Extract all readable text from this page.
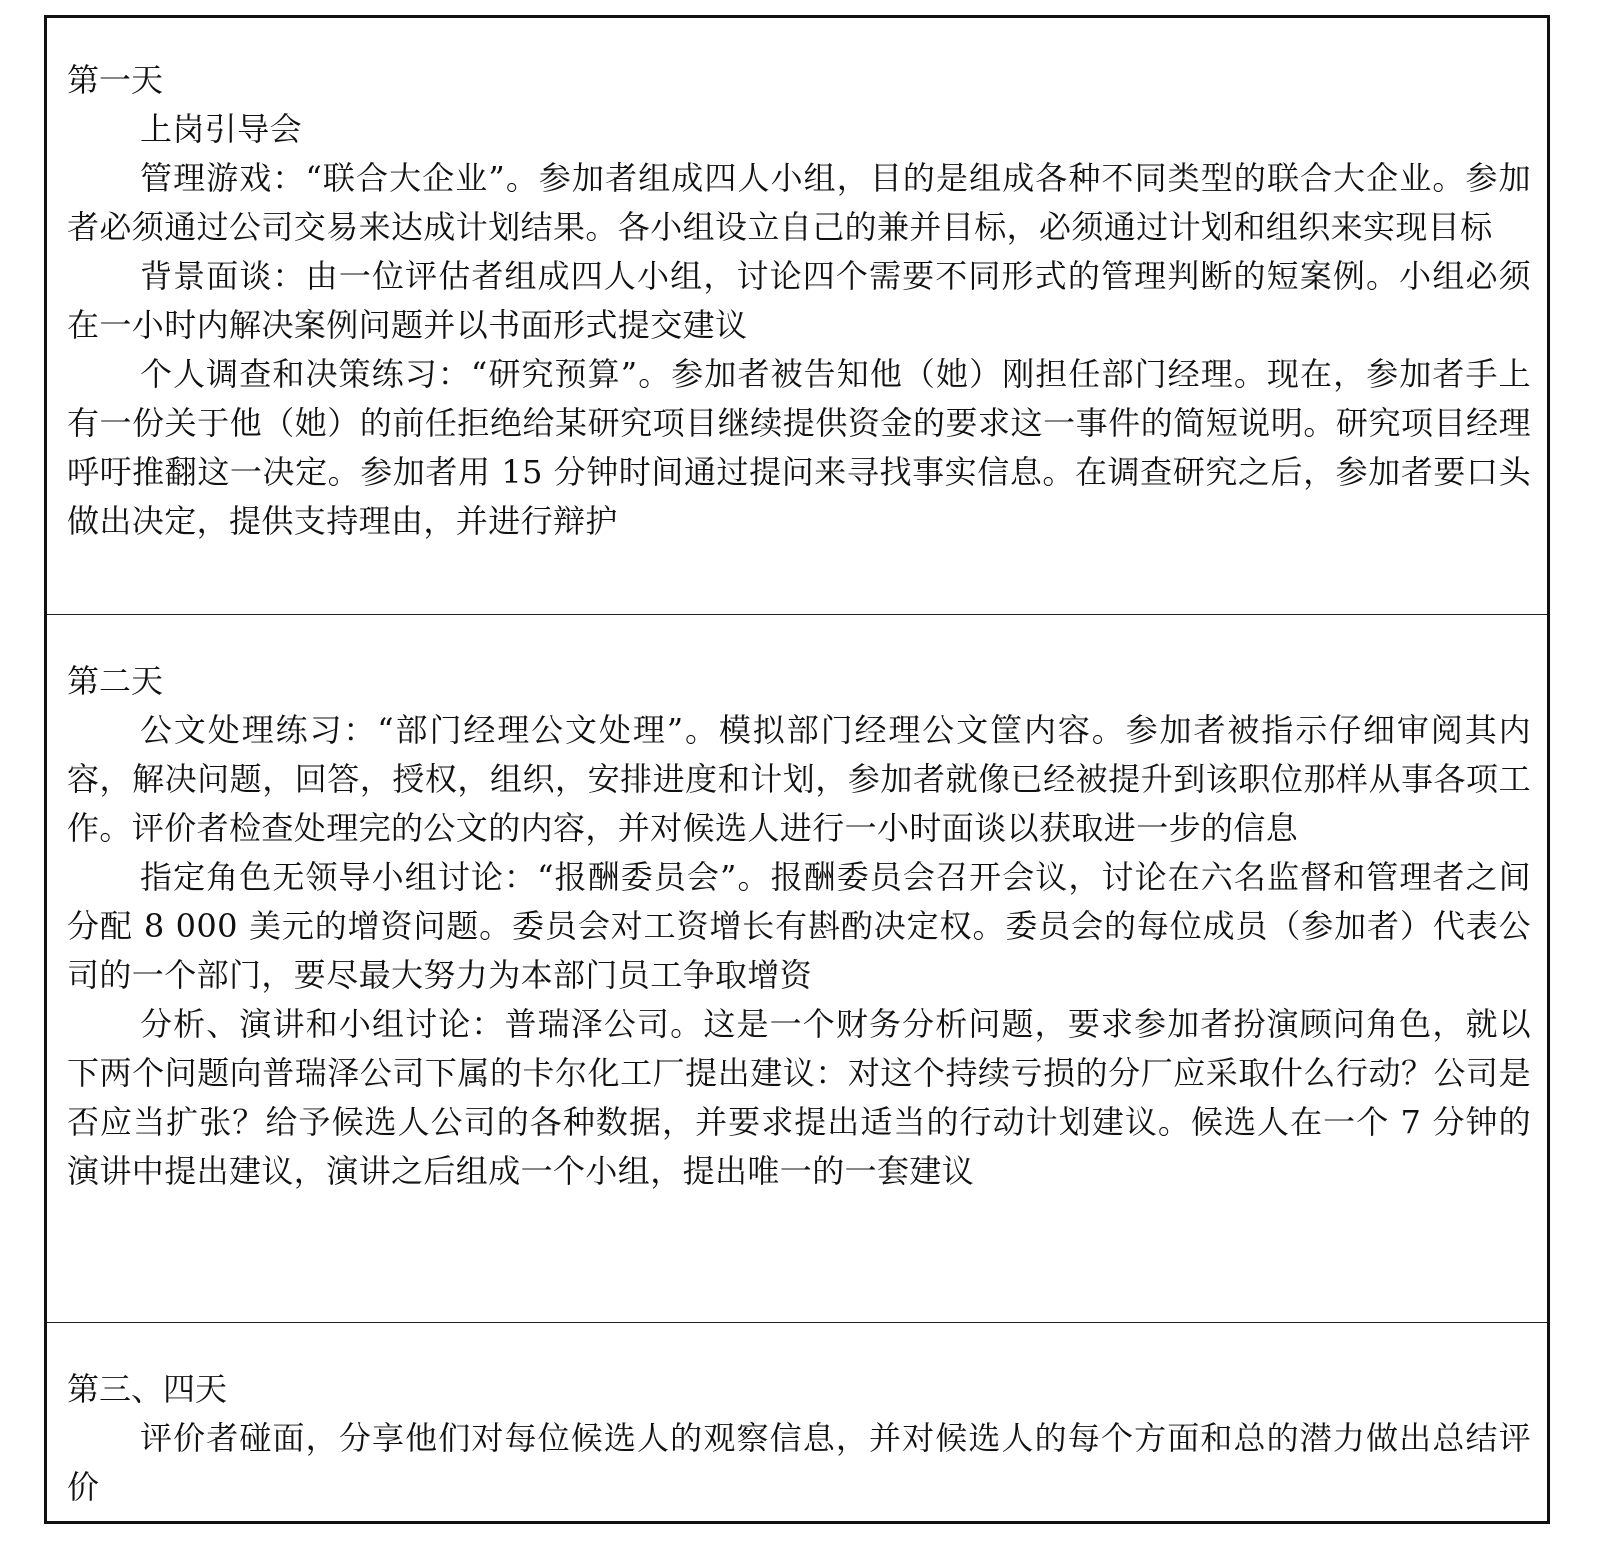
第一天

上岗引导会

管理游戏：“联合大企业”。参加者组成四人小组，目的是组成各种不同类型的联合大企业。参加者必须通过公司交易来达成计划结果。各小组设立自己的兼并目标，必须通过计划和组织来实现目标

背景面谈：由一位评估者组成四人小组，讨论四个需要不同形式的管理判断的短案例。小组必须在一小时内解决案例问题并以书面形式提交建议

个人调查和决策练习：“研究预算”。参加者被告知他（她）刚担任部门经理。现在，参加者手上有一份关于他（她）的前任拒绝给某研究项目继续提供资金的要求这一事件的简短说明。研究项目经理呼吁推翻这一决定。参加者用 15 分钟时间通过提问来寻找事实信息。在调查研究之后，参加者要口头做出决定，提供支持理由，并进行辩护

第二天

公文处理练习：“部门经理公文处理”。模拟部门经理公文筐内容。参加者被指示仔细审阅其内容，解决问题，回答，授权，组织，安排进度和计划，参加者就像已经被提升到该职位那样从事各项工作。评价者检查处理完的公文的内容，并对候选人进行一小时面谈以获取进一步的信息

指定角色无领导小组讨论：“报酬委员会”。报酬委员会召开会议，讨论在六名监督和管理者之间分配 8 000 美元的增资问题。委员会对工资增长有斟酌决定权。委员会的每位成员（参加者）代表公司的一个部门，要尽最大努力为本部门员工争取增资

分析、演讲和小组讨论：普瑞泽公司。这是一个财务分析问题，要求参加者扮演顾问角色，就以下两个问题向普瑞泽公司下属的卡尔化工厂提出建议：对这个持续亏损的分厂应采取什么行动？公司是否应当扩张？给予候选人公司的各种数据，并要求提出适当的行动计划建议。候选人在一个 7 分钟的演讲中提出建议，演讲之后组成一个小组，提出唯一的一套建议

第三、四天

评价者碰面，分享他们对每位候选人的观察信息，并对候选人的每个方面和总的潜力做出总结评价
